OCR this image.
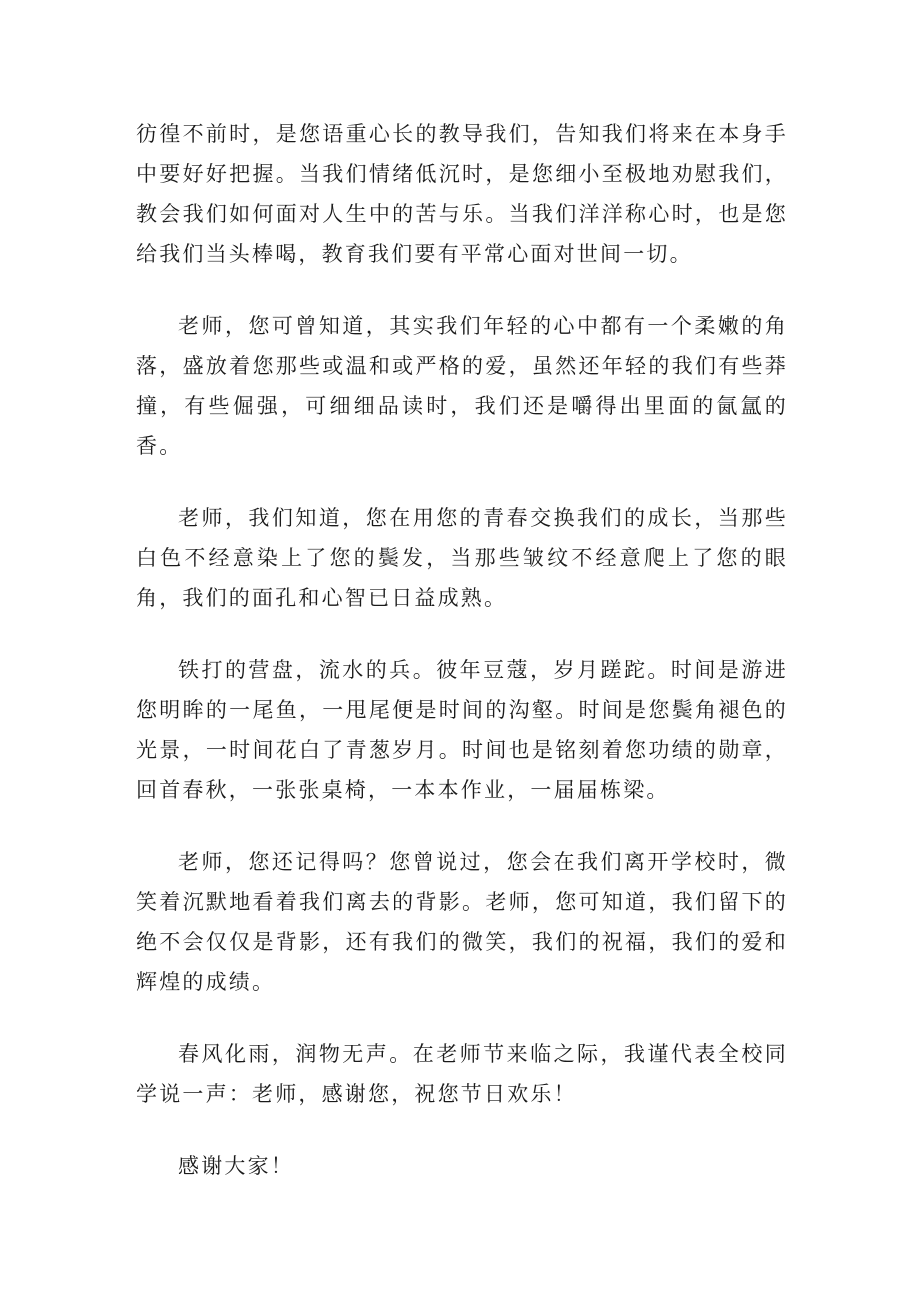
彷徨不前时，是您语重心长的教导我们，告知我们将来在本身手中要好好把握。当我们情绪低沉时，是您细小至极地劝慰我们，教会我们如何面对人生中的苦与乐。当我们洋洋称心时，也是您给我们当头棒喝，教育我们要有平常心面对世间一切。

老师，您可曾知道，其实我们年轻的心中都有一个柔嫩的角落，盛放着您那些或温和或严格的爱，虽然还年轻的我们有些莽撞，有些倔强，可细细品读时，我们还是嚼得出里面的氤氲的香。

老师，我们知道，您在用您的青春交换我们的成长，当那些白色不经意染上了您的鬓发，当那些皱纹不经意爬上了您的眼角，我们的面孔和心智已日益成熟。

铁打的营盘，流水的兵。彼年豆蔻，岁月蹉跎。时间是游进您明眸的一尾鱼，一甩尾便是时间的沟壑。时间是您鬓角褪色的光景，一时间花白了青葱岁月。时间也是铭刻着您功绩的勋章，回首春秋，一张张桌椅，一本本作业，一届届栋梁。

老师，您还记得吗？您曾说过，您会在我们离开学校时，微笑着沉默地看着我们离去的背影。老师，您可知道，我们留下的绝不会仅仅是背影，还有我们的微笑，我们的祝福，我们的爱和辉煌的成绩。

春风化雨，润物无声。在老师节来临之际，我谨代表全校同学说一声：老师，感谢您，祝您节日欢乐！

感谢大家！
